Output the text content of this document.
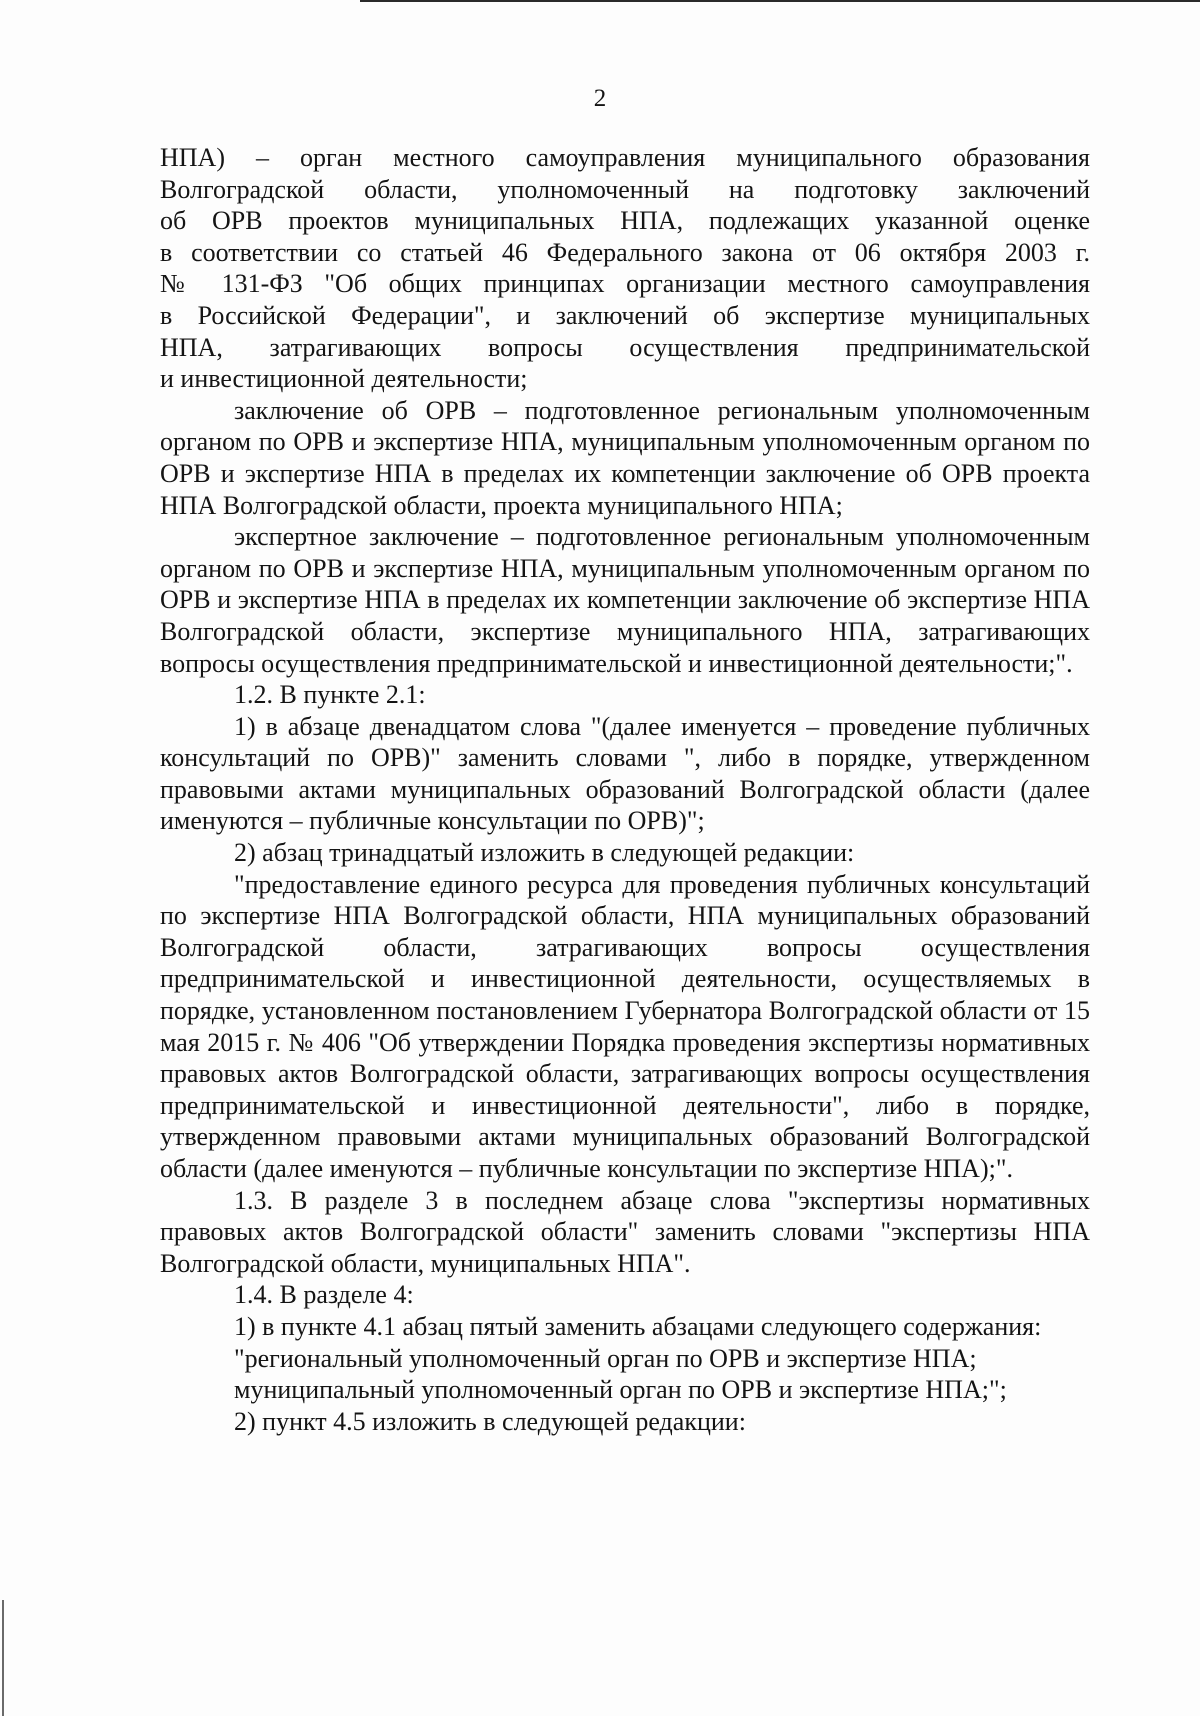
2

НПА) – орган местного самоуправления муниципального образования

Волгоградской области, уполномоченный на подготовку заключений

об ОРВ проектов муниципальных НПА, подлежащих указанной оценке

в соответствии со статьей 46 Федерального закона от 06 октября 2003 г.

№ 131-ФЗ "Об общих принципах организации местного самоуправления

в Российской Федерации", и заключений об экспертизе муниципальных

НПА, затрагивающих вопросы осуществления предпринимательской

и инвестиционной деятельности;

заключение об ОРВ – подготовленное региональным уполномоченным органом по ОРВ и экспертизе НПА, муниципальным уполномоченным органом по ОРВ и экспертизе НПА в пределах их компетенции заключение об ОРВ проекта НПА Волгоградской области, проекта муниципального НПА;

экспертное заключение – подготовленное региональным уполномоченным органом по ОРВ и экспертизе НПА, муниципальным уполномоченным органом по ОРВ и экспертизе НПА в пределах их компетенции заключение об экспертизе НПА Волгоградской области, экспертизе муниципального НПА, затрагивающих вопросы осуществления предпринимательской и инвестиционной деятельности;".

1.2. В пункте 2.1:

1) в абзаце двенадцатом слова "(далее именуется – проведение публичных консультаций по ОРВ)" заменить словами ", либо в порядке, утвержденном правовыми актами муниципальных образований Волгоградской области (далее именуются – публичные консультации по ОРВ)";

2) абзац тринадцатый изложить в следующей редакции:

"предоставление единого ресурса для проведения публичных консультаций по экспертизе НПА Волгоградской области, НПА муниципальных образований Волгоградской области, затрагивающих вопросы осуществления предпринимательской и инвестиционной деятельности, осуществляемых в порядке, установленном постановлением Губернатора Волгоградской области от 15 мая 2015 г. № 406 "Об утверждении Порядка проведения экспертизы нормативных правовых актов Волгоградской области, затрагивающих вопросы осуществления предпринимательской и инвестиционной деятельности", либо в порядке, утвержденном правовыми актами муниципальных образований Волгоградской области (далее именуются – публичные консультации по экспертизе НПА);".

1.3. В разделе 3 в последнем абзаце слова "экспертизы нормативных правовых актов Волгоградской области" заменить словами "экспертизы НПА Волгоградской области, муниципальных НПА".

1.4. В разделе 4:

1) в пункте 4.1 абзац пятый заменить абзацами следующего содержания:

"региональный уполномоченный орган по ОРВ и экспертизе НПА;

муниципальный уполномоченный орган по ОРВ и экспертизе НПА;";

2) пункт 4.5 изложить в следующей редакции:
